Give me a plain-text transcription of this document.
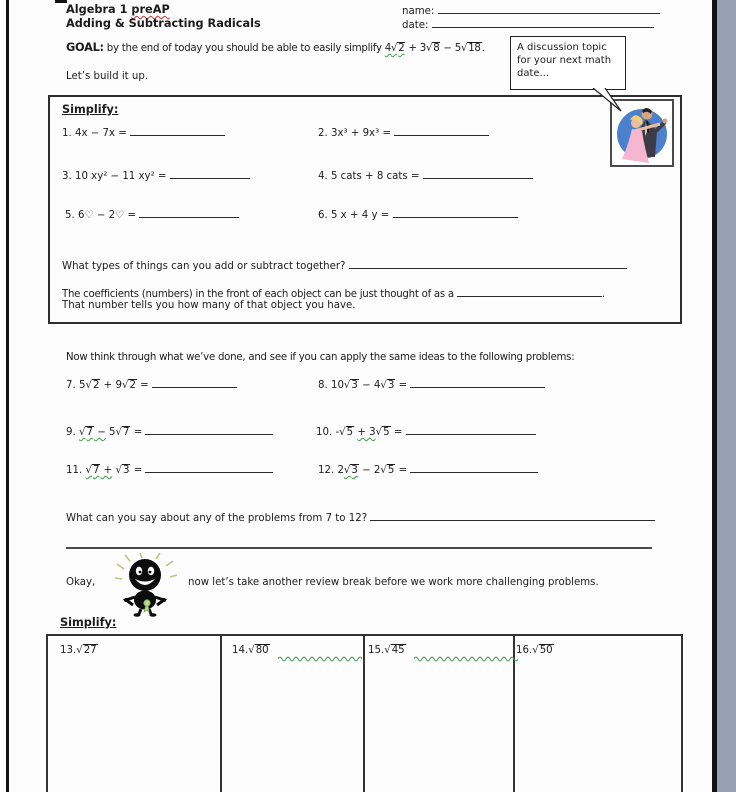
Algebra 1 preAP
Adding & Subtracting Radicals
name:
date:
GOAL: by the end of today you should be able to easily simplify 4√2 + 3√8 − 5√18.	A discussion topic for your next math date...
Let’s build it up.
Simplify:
1. 4x − 7x =	2. 3x³ + 9x³ =
3. 10 xy² − 11 xy² =	4. 5 cats + 8 cats =
5. 6♡ − 2♡ =	6. 5 x + 4 y =
What types of things can you add or subtract together?
The coefficients (numbers) in the front of each object can be just thought of as a	.
That number tells you how many of that object you have.
Now think through what we’ve done, and see if you can apply the same ideas to the following problems:
7. 5√2 + 9√2 =	8. 10√3 − 4√3 =
9. √7 − 5√7 =	10. -√5 + 3√5 =
11. √7 + √3 =	12. 2√3 − 2√5 =
What can you say about any of the problems from 7 to 12?
Okay,	now let’s take another review break before we work more challenging problems.
Simplify:
13.√27	14.√80	15.√45	16.√50
